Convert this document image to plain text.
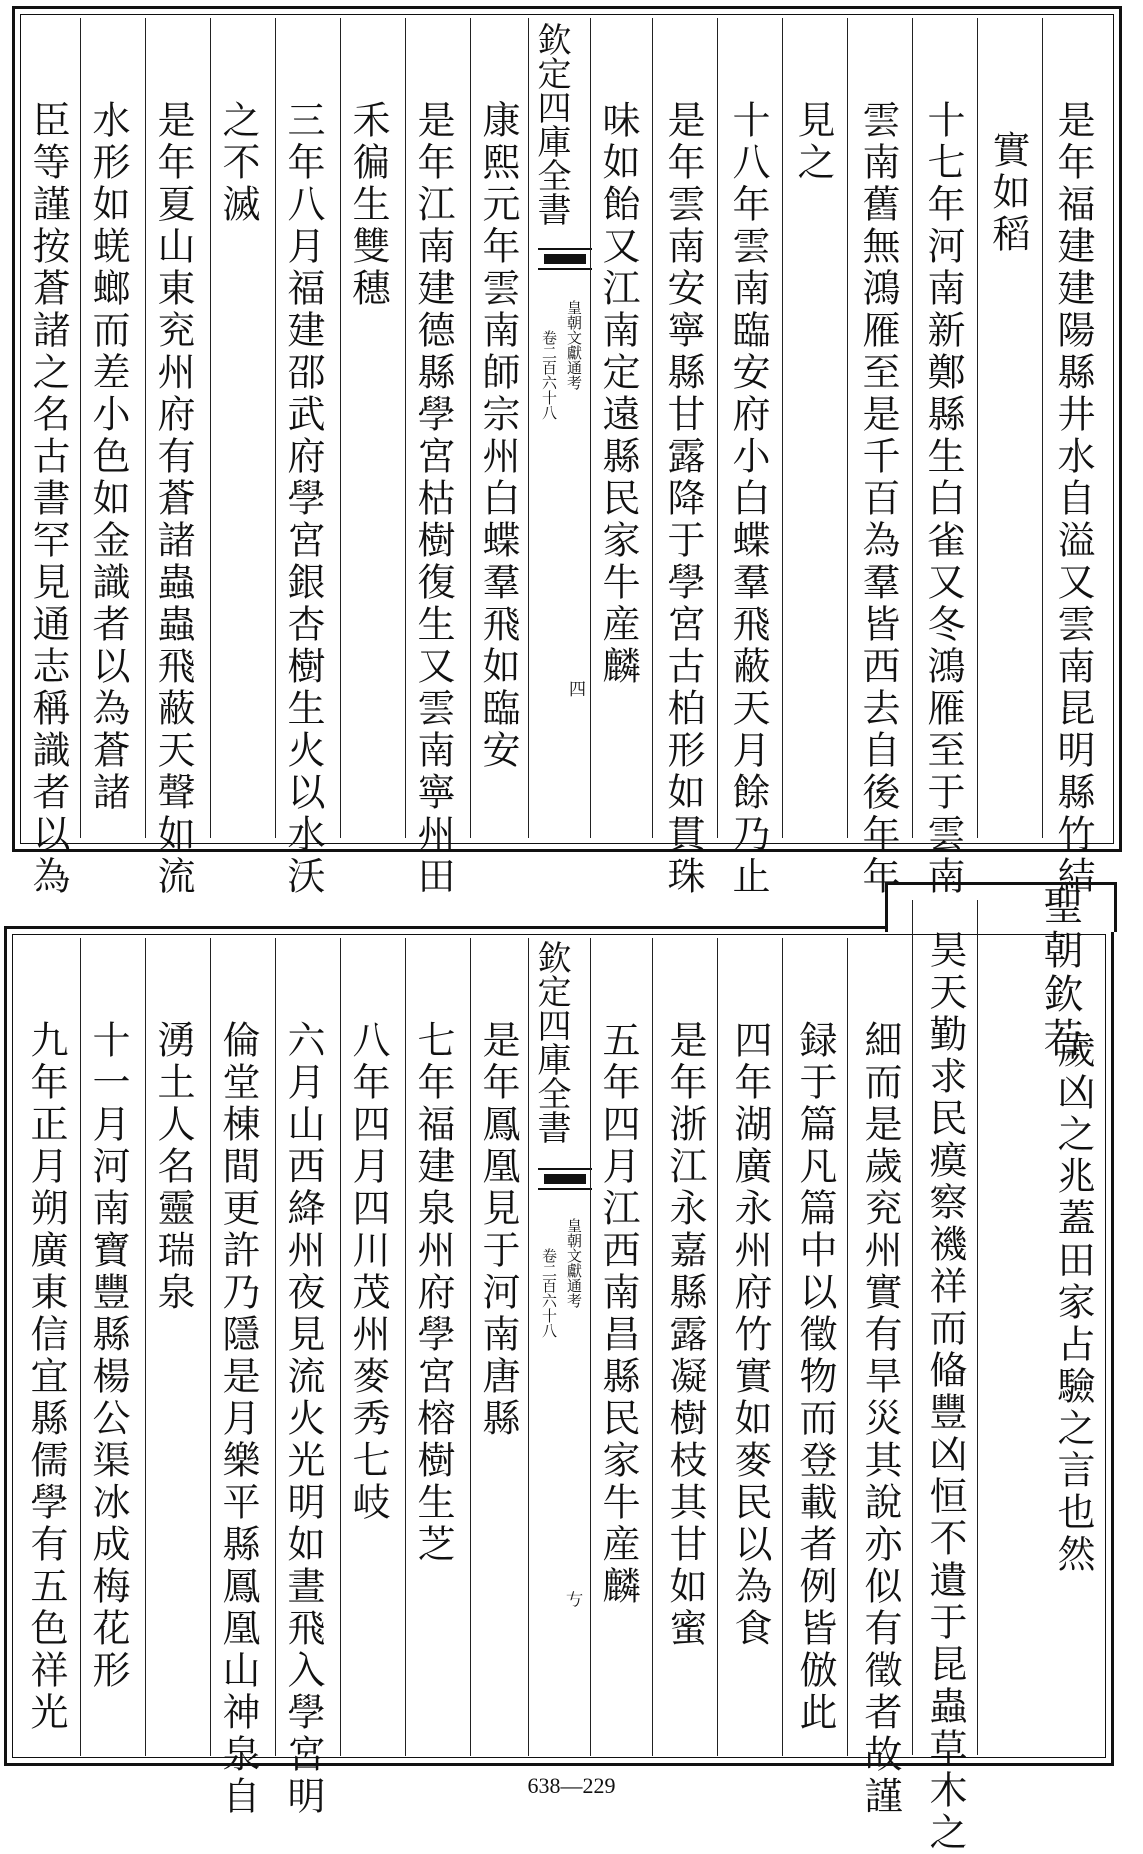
是年福建建陽縣井水自溢又雲南昆明縣竹結
實如稻
十七年河南新鄭縣生白雀又冬鴻雁至于雲南
雲南舊無鴻雁至是千百為羣皆西去自後年年
見之
十八年雲南臨安府小白蝶羣飛蔽天月餘乃止
是年雲南安寧縣甘露降于學宮古柏形如貫珠
味如飴又江南定遠縣民家牛産麟
欽定四庫全書
皇朝文獻通考
卷二百六十八
四
康熙元年雲南師宗州白蝶羣飛如臨安
是年江南建德縣學宮枯樹復生又雲南寧州田
禾徧生雙穗
三年八月福建邵武府學宮銀杏樹生火以水沃
之不滅
是年夏山東兖州府有蒼諸蟲蟲飛蔽天聲如流
水形如蜣螂而差小色如金識者以為蒼諸
臣等謹按蒼諸之名古書罕見通志稱識者以為
聖朝欽若
歲凶之兆蓋田家占驗之言也然
昊天勤求民瘼察禨祥而偹豐凶恒不遺于昆蟲草木之
細而是歲兖州實有旱災其說亦似有徵者故謹
録于篇凡篇中以徵物而登載者例皆倣此
四年湖廣永州府竹實如麥民以為食
是年浙江永嘉縣露凝樹枝其甘如蜜
五年四月江西南昌縣民家牛産麟
欽定四庫全書
皇朝文獻通考
卷二百六十八
𠀁
是年鳳凰見于河南唐縣
七年福建泉州府學宮榕樹生芝
八年四月四川茂州麥秀七岐
六月山西絳州夜見流火光明如晝飛入學宮明
倫堂棟間更許乃隱是月樂平縣鳳凰山神泉自
湧土人名靈瑞泉
十一月河南寶豐縣楊公渠冰成梅花形
九年正月朔廣東信宜縣儒學有五色祥光
638—229
